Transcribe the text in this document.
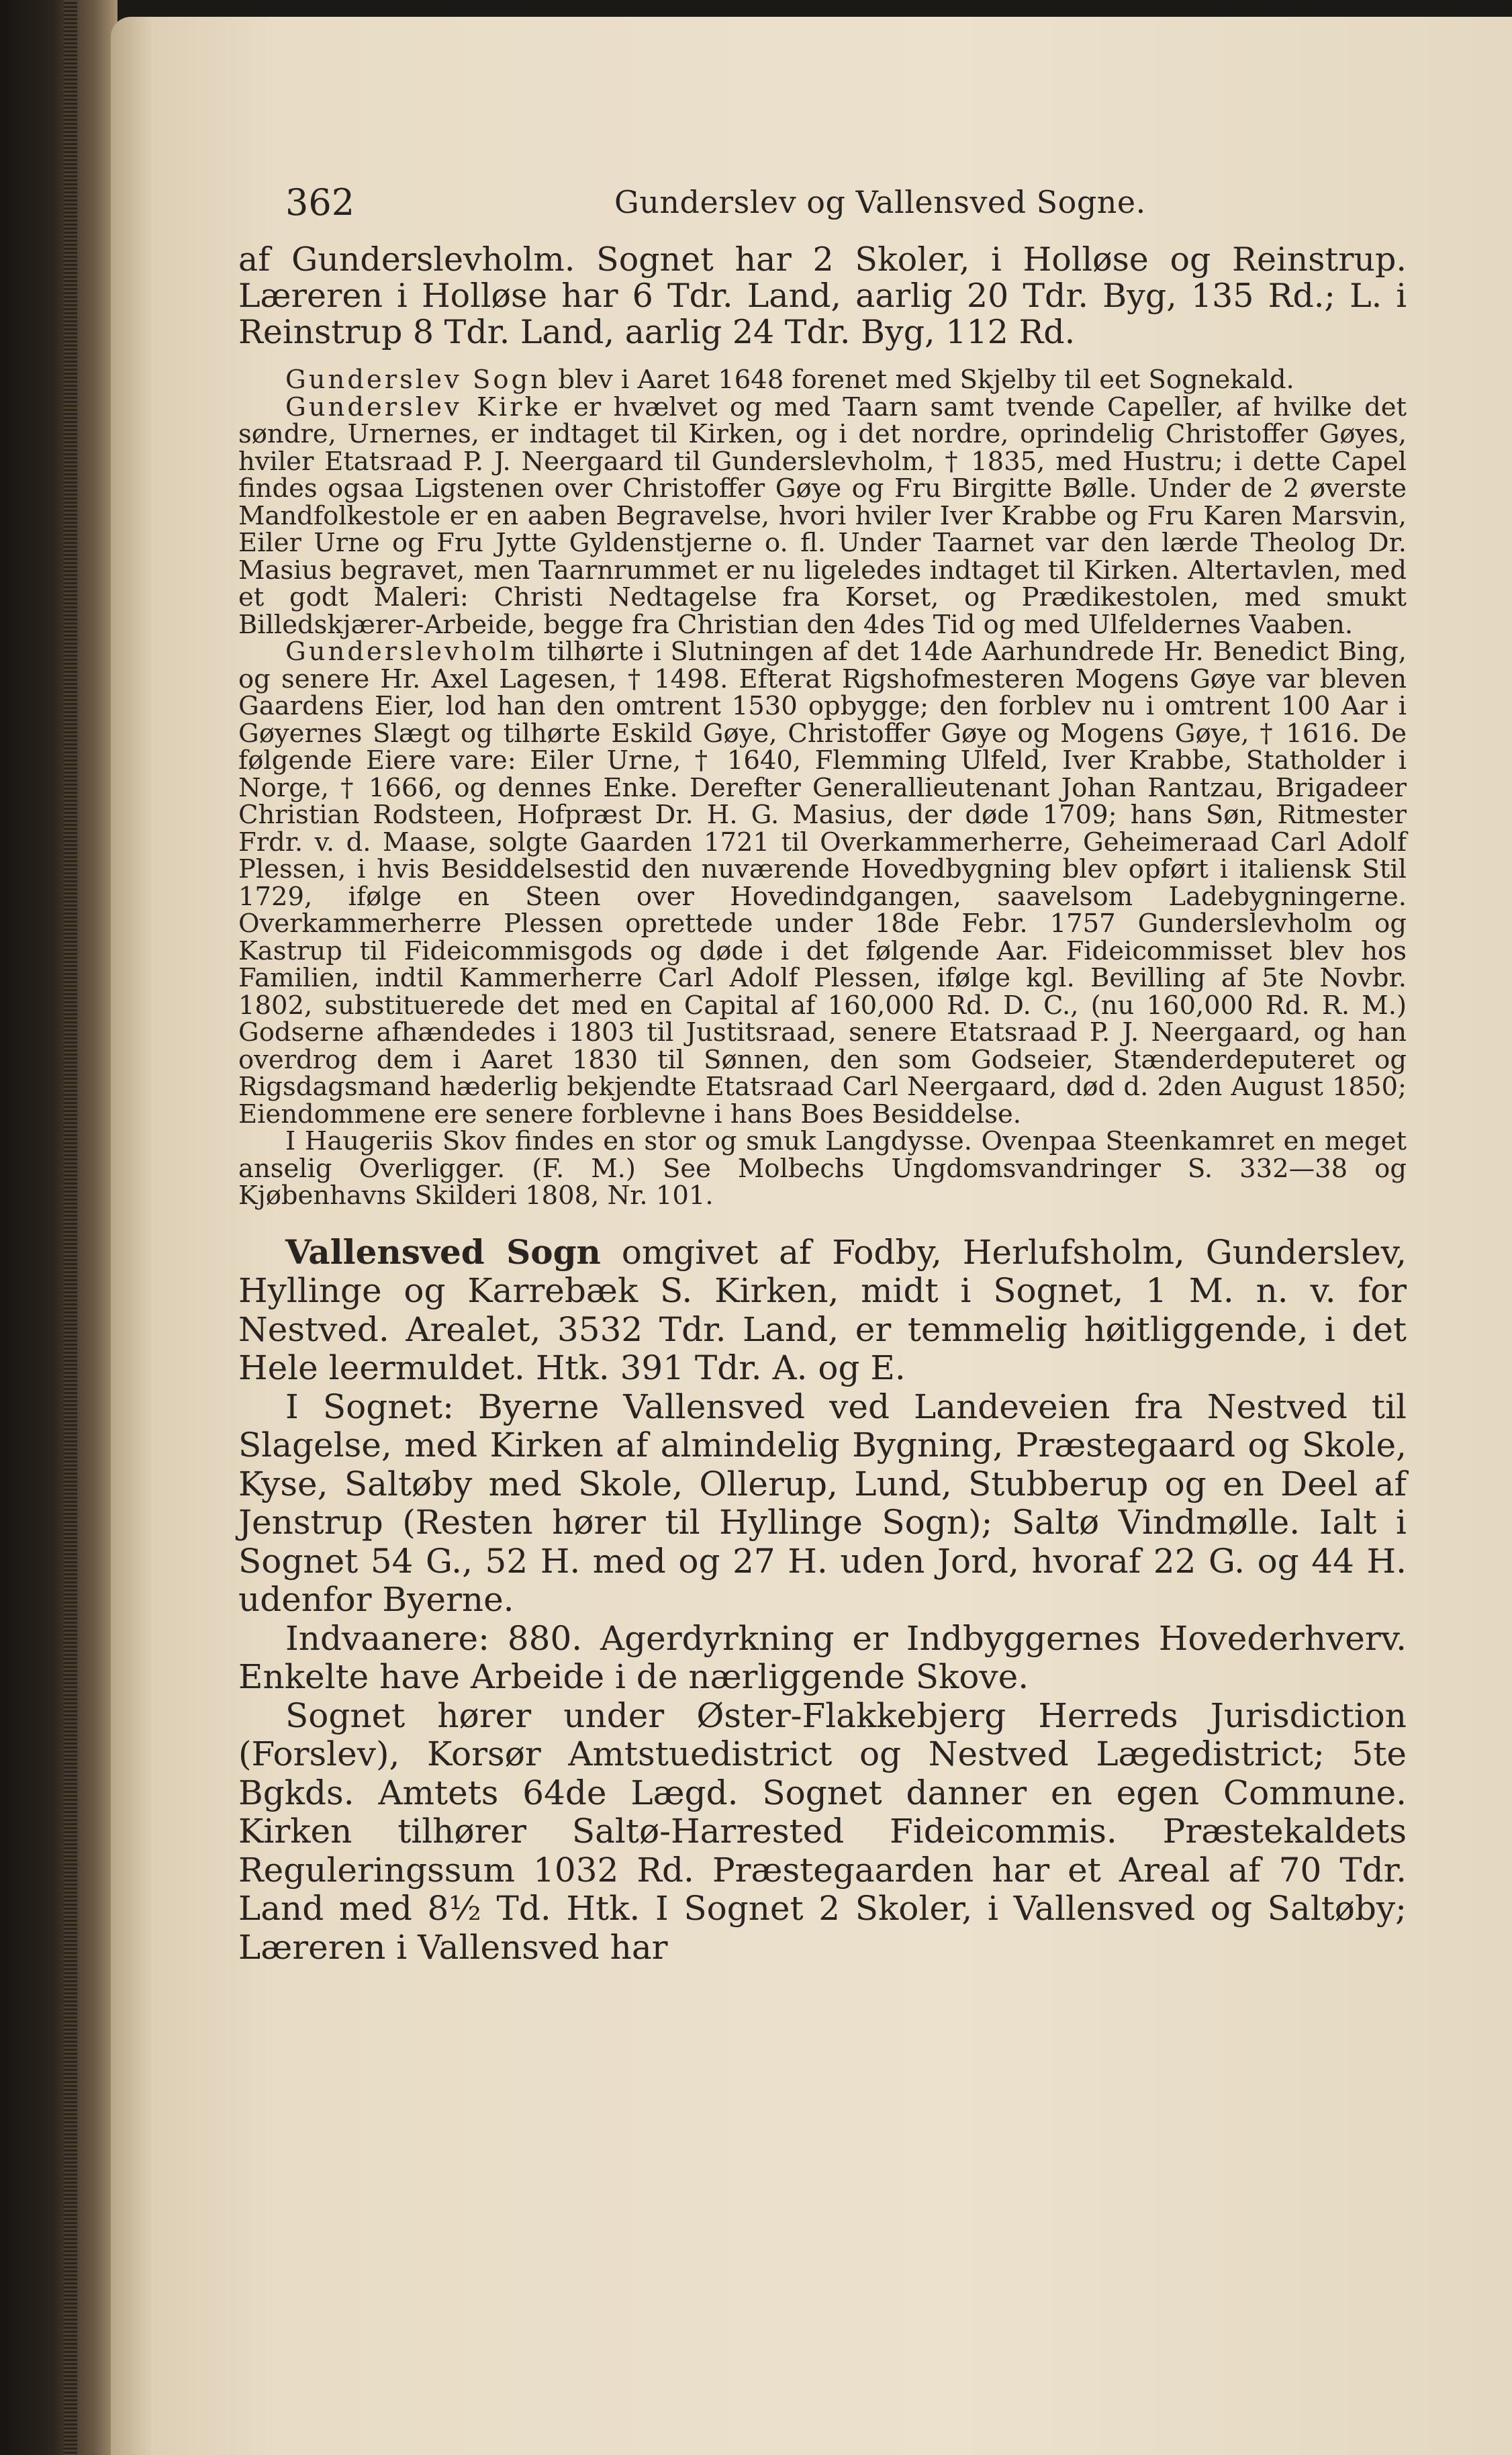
362	Gunderslev og Vallensved Sogne.

af Gunderslevholm. Sognet har 2 Skoler, i Holløse og Reinstrup. Læreren i Holløse har 6 Tdr. Land, aarlig 20 Tdr. Byg, 135 Rd.; L. i Reinstrup 8 Tdr. Land, aarlig 24 Tdr. Byg, 112 Rd.

Gunderslev Sogn blev i Aaret 1648 forenet med Skjelby til eet Sognekald.

Gunderslev Kirke er hvælvet og med Taarn samt tvende Capeller, af hvilke det søndre, Urnernes, er indtaget til Kirken, og i det nordre, oprindelig Christoffer Gøyes, hviler Etatsraad P. J. Neergaard til Gunderslevholm, † 1835, med Hustru; i dette Capel findes ogsaa Ligstenen over Christoffer Gøye og Fru Birgitte Bølle. Under de 2 øverste Mandfolkestole er en aaben Begravelse, hvori hviler Iver Krabbe og Fru Karen Marsvin, Eiler Urne og Fru Jytte Gyldenstjerne o. fl. Under Taarnet var den lærde Theolog Dr. Masius begravet, men Taarnrummet er nu ligeledes indtaget til Kirken. Altertavlen, med et godt Maleri: Christi Nedtagelse fra Korset, og Prædikestolen, med smukt Billedskjærer-Arbeide, begge fra Christian den 4des Tid og med Ulfeldernes Vaaben.

Gunderslevholm tilhørte i Slutningen af det 14de Aarhundrede Hr. Benedict Bing, og senere Hr. Axel Lagesen, † 1498. Efterat Rigshofmesteren Mogens Gøye var bleven Gaardens Eier, lod han den omtrent 1530 opbygge; den forblev nu i omtrent 100 Aar i Gøyernes Slægt og tilhørte Eskild Gøye, Christoffer Gøye og Mogens Gøye, † 1616. De følgende Eiere vare: Eiler Urne, † 1640, Flemming Ulfeld, Iver Krabbe, Statholder i Norge, † 1666, og dennes Enke. Derefter Generallieutenant Johan Rantzau, Brigadeer Christian Rodsteen, Hofpræst Dr. H. G. Masius, der døde 1709; hans Søn, Ritmester Frdr. v. d. Maase, solgte Gaarden 1721 til Overkammerherre, Geheimeraad Carl Adolf Plessen, i hvis Besiddelsestid den nuværende Hovedbygning blev opført i italiensk Stil 1729, ifølge en Steen over Hovedindgangen, saavelsom Ladebygningerne. Overkammerherre Plessen oprettede under 18de Febr. 1757 Gunderslevholm og Kastrup til Fideicommisgods og døde i det følgende Aar. Fideicommisset blev hos Familien, indtil Kammerherre Carl Adolf Plessen, ifølge kgl. Bevilling af 5te Novbr. 1802, substituerede det med en Capital af 160,000 Rd. D. C., (nu 160,000 Rd. R. M.) Godserne afhændedes i 1803 til Justitsraad, senere Etatsraad P. J. Neergaard, og han overdrog dem i Aaret 1830 til Sønnen, den som Godseier, Stænderdeputeret og Rigsdagsmand hæderlig bekjendte Etatsraad Carl Neergaard, død d. 2den August 1850; Eiendommene ere senere forblevne i hans Boes Besiddelse.

I Haugeriis Skov findes en stor og smuk Langdysse. Ovenpaa Steenkamret en meget anselig Overligger. (F. M.) See Molbechs Ungdomsvandringer S. 332—38 og Kjøbenhavns Skilderi 1808, Nr. 101.

Vallensved Sogn omgivet af Fodby, Herlufsholm, Gunderslev, Hyllinge og Karrebæk S. Kirken, midt i Sognet, 1 M. n. v. for Nestved. Arealet, 3532 Tdr. Land, er temmelig høitliggende, i det Hele leermuldet. Htk. 391 Tdr. A. og E.

I Sognet: Byerne Vallensved ved Landeveien fra Nestved til Slagelse, med Kirken af almindelig Bygning, Præstegaard og Skole, Kyse, Saltøby med Skole, Ollerup, Lund, Stubberup og en Deel af Jenstrup (Resten hører til Hyllinge Sogn); Saltø Vindmølle. Ialt i Sognet 54 G., 52 H. med og 27 H. uden Jord, hvoraf 22 G. og 44 H. udenfor Byerne.

Indvaanere: 880. Agerdyrkning er Indbyggernes Hovederhverv. Enkelte have Arbeide i de nærliggende Skove.

Sognet hører under Øster-Flakkebjerg Herreds Jurisdiction (Forslev), Korsør Amtstuedistrict og Nestved Lægedistrict; 5te Bgkds. Amtets 64de Lægd. Sognet danner en egen Commune. Kirken tilhører Saltø-Harrested Fideicommis. Præstekaldets Reguleringssum 1032 Rd. Præstegaarden har et Areal af 70 Tdr. Land med 8½ Td. Htk. I Sognet 2 Skoler, i Vallensved og Saltøby; Læreren i Vallensved har
